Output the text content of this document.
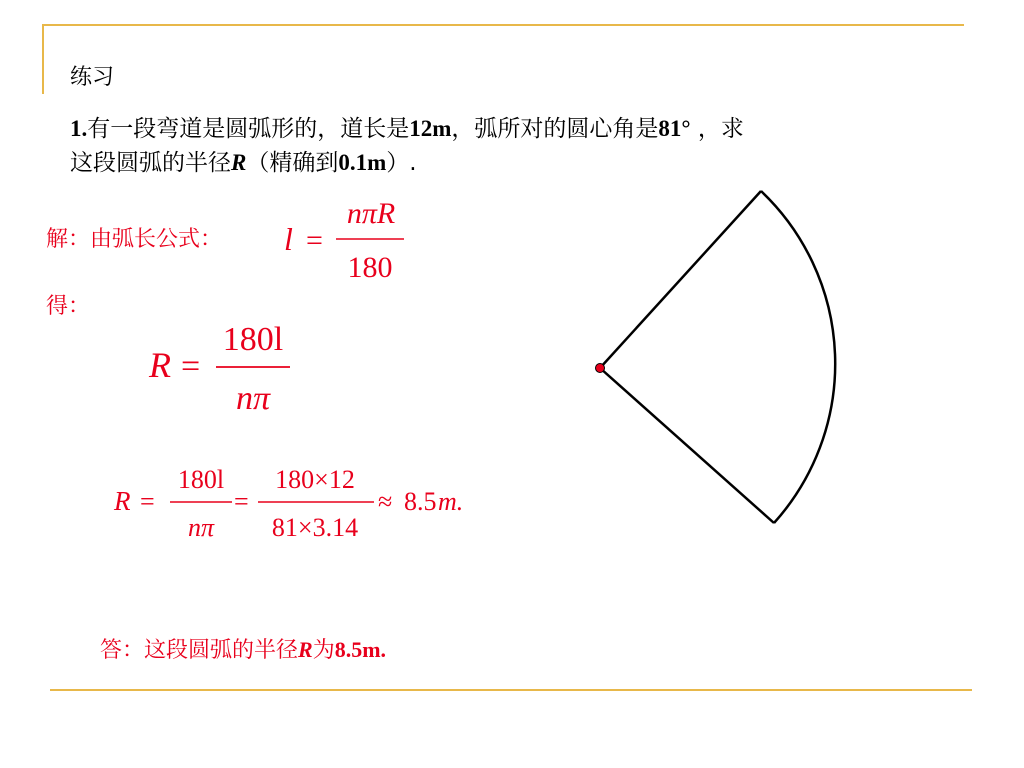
练习
1.有一段弯道是圆弧形的，道长是12m，弧所对的圆心角是81° ，求
这段圆弧的半径R（精确到0.1m）.
解：由弧长公式： l =
nπR
180
得：
R =
180l
nπ
R =
180l
nπ
=
180×12
81×3.14
≈ 8.5 m.
答：这段圆弧的半径R为8.5m.
